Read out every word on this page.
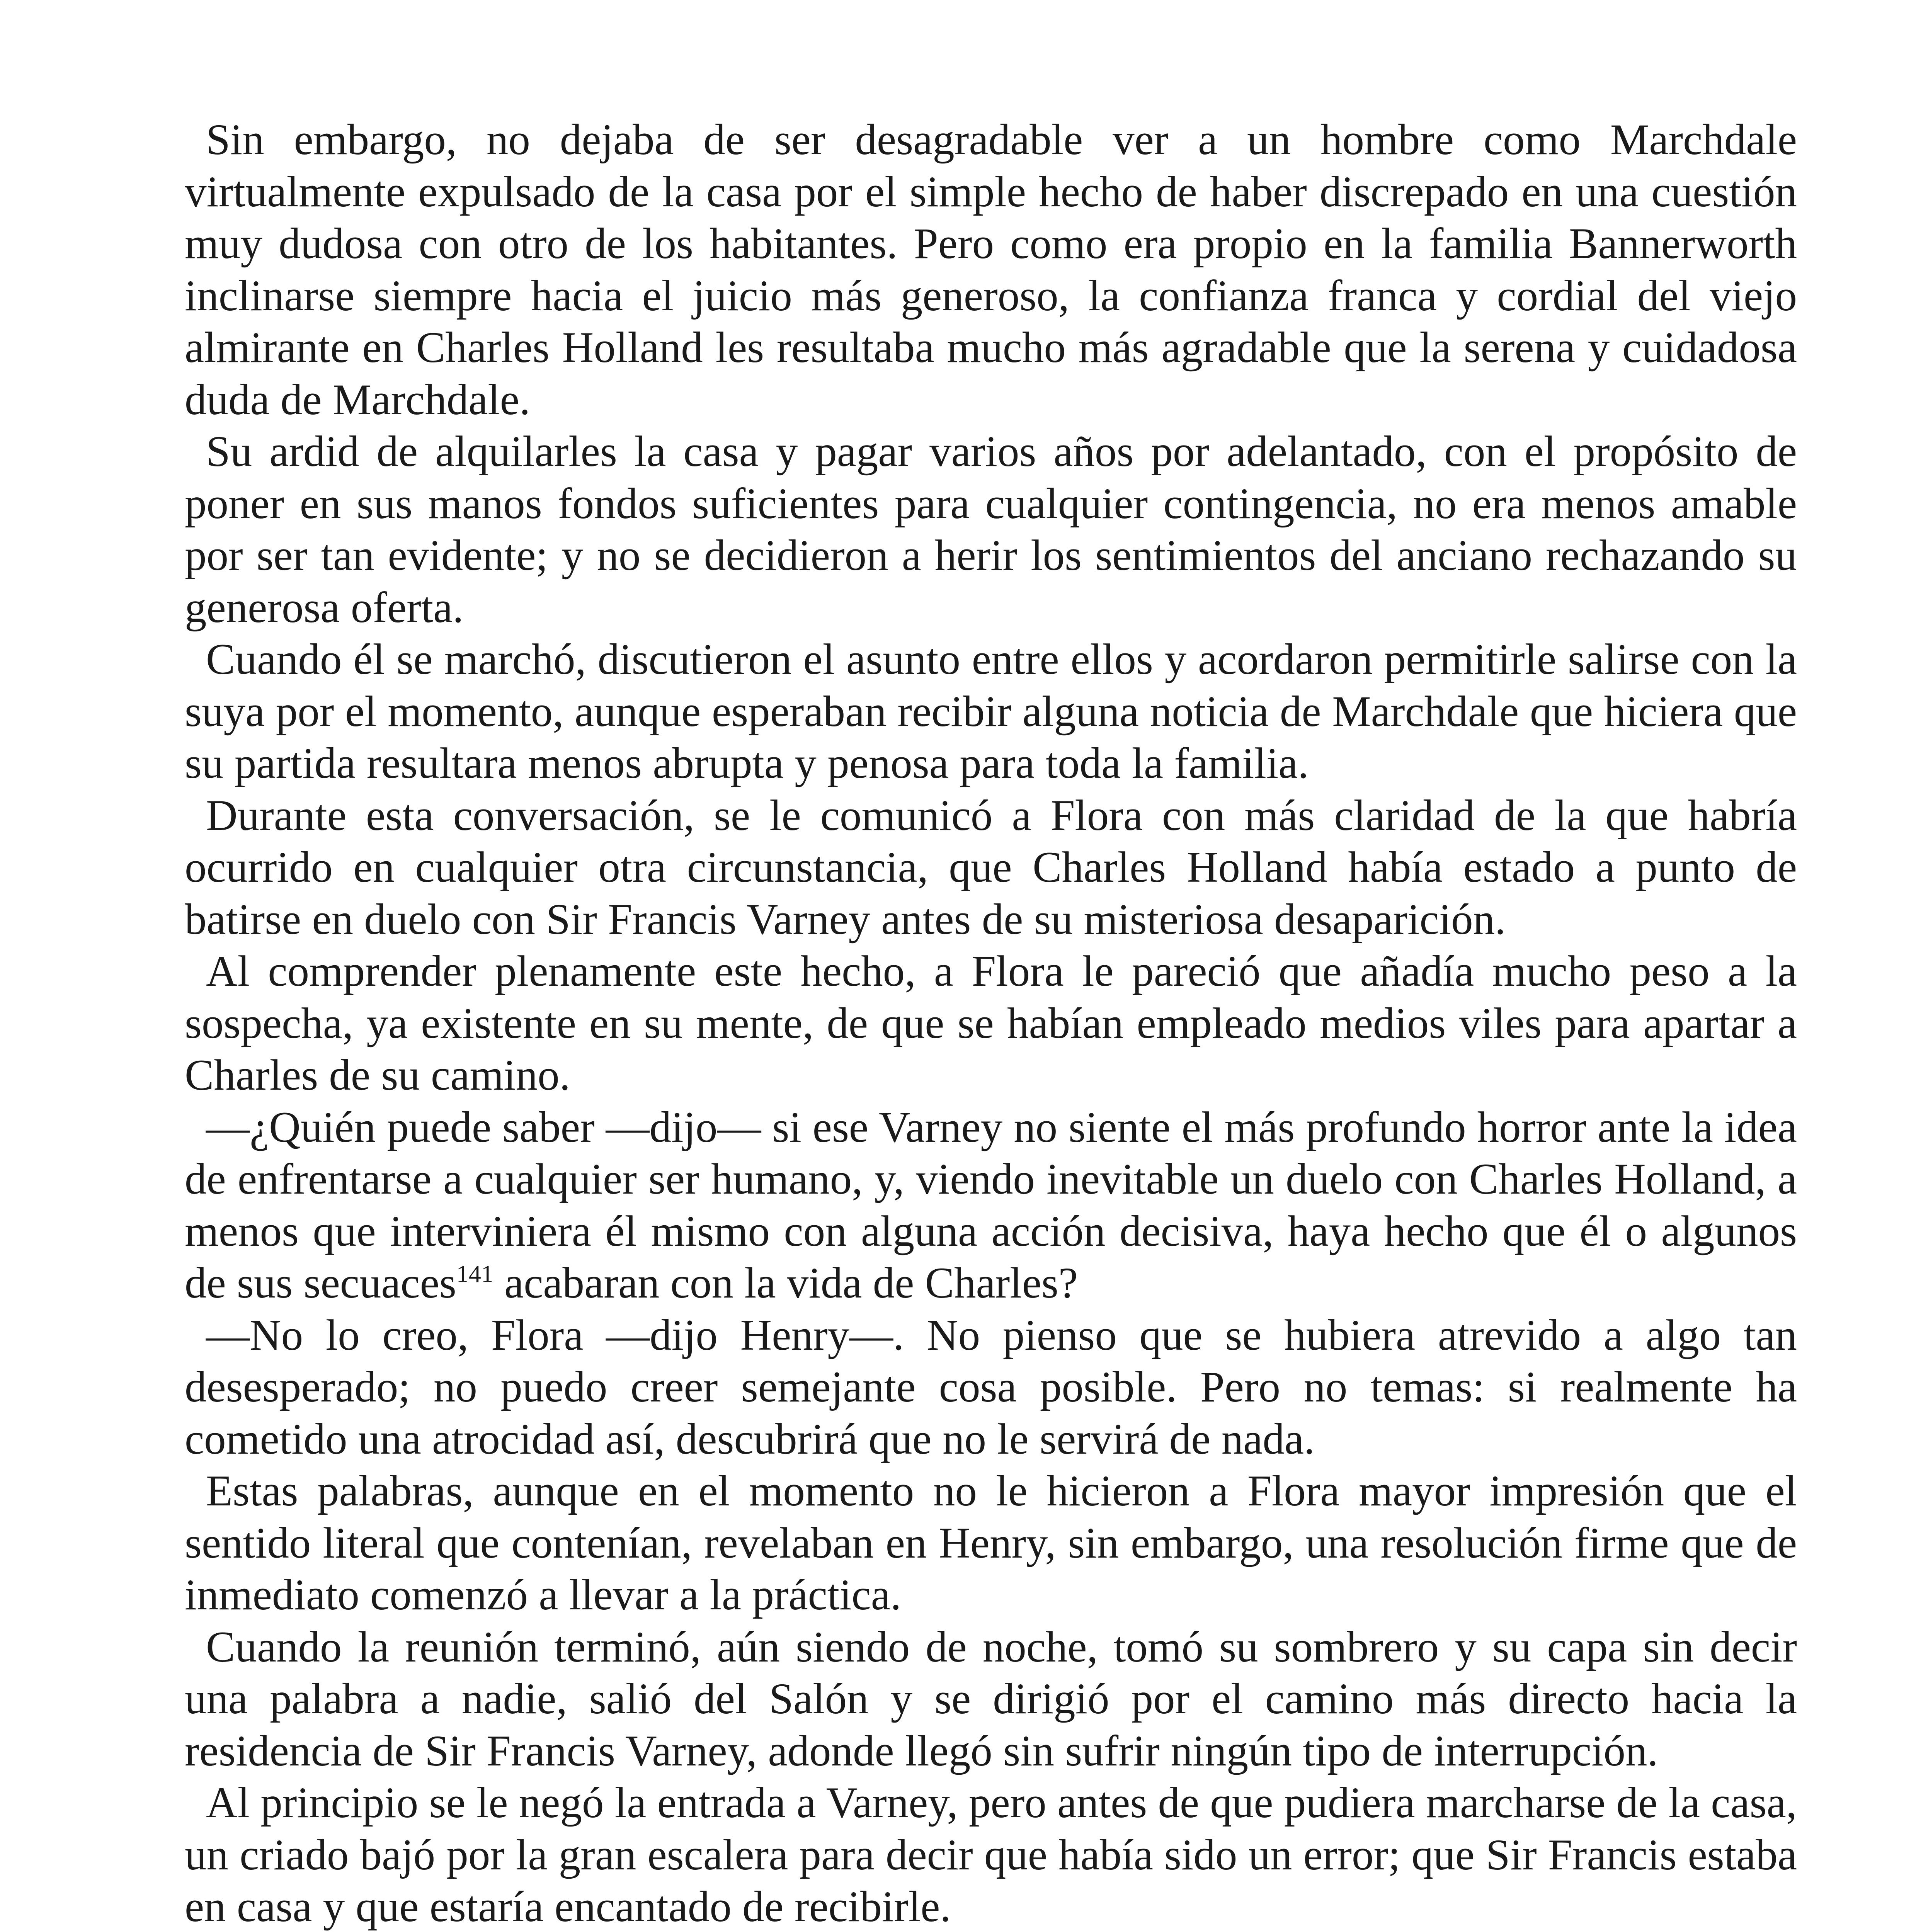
Sin embargo, no dejaba de ser desagradable ver a un hombre como Marchdale virtualmente expulsado de la casa por el simple hecho de haber discrepado en una cuestión muy dudosa con otro de los habitantes. Pero como era propio en la familia Bannerworth inclinarse siempre hacia el juicio más generoso, la confianza franca y cordial del viejo almirante en Charles Holland les resultaba mucho más agradable que la serena y cuidadosa duda de Marchdale.

Su ardid de alquilarles la casa y pagar varios años por adelantado, con el propósito de poner en sus manos fondos suficientes para cualquier contingencia, no era menos amable por ser tan evidente; y no se decidieron a herir los sentimientos del anciano rechazando su generosa oferta.

Cuando él se marchó, discutieron el asunto entre ellos y acordaron permitirle salirse con la suya por el momento, aunque esperaban recibir alguna noticia de Marchdale que hiciera que su partida resultara menos abrupta y penosa para toda la familia.

Durante esta conversación, se le comunicó a Flora con más claridad de la que habría ocurrido en cualquier otra circunstancia, que Charles Holland había estado a punto de batirse en duelo con Sir Francis Varney antes de su misteriosa desaparición.

Al comprender plenamente este hecho, a Flora le pareció que añadía mucho peso a la sospecha, ya existente en su mente, de que se habían empleado medios viles para apartar a Charles de su camino.

—¿Quién puede saber —dijo— si ese Varney no siente el más profundo horror ante la idea de enfrentarse a cualquier ser humano, y, viendo inevitable un duelo con Charles Holland, a menos que interviniera él mismo con alguna acción decisiva, haya hecho que él o algunos de sus secuaces$^{141}$ acabaran con la vida de Charles?

—No lo creo, Flora —dijo Henry—. No pienso que se hubiera atrevido a algo tan desesperado; no puedo creer semejante cosa posible. Pero no temas: si realmente ha cometido una atrocidad así, descubrirá que no le servirá de nada.

Estas palabras, aunque en el momento no le hicieron a Flora mayor impresión que el sentido literal que contenían, revelaban en Henry, sin embargo, una resolución firme que de inmediato comenzó a llevar a la práctica.

Cuando la reunión terminó, aún siendo de noche, tomó su sombrero y su capa sin decir una palabra a nadie, salió del Salón y se dirigió por el camino más directo hacia la residencia de Sir Francis Varney, adonde llegó sin sufrir ningún tipo de interrupción.

Al principio se le negó la entrada a Varney, pero antes de que pudiera marcharse de la casa, un criado bajó por la gran escalera para decir que había sido un error; que Sir Francis estaba en casa y que estaría encantado de recibirle.
